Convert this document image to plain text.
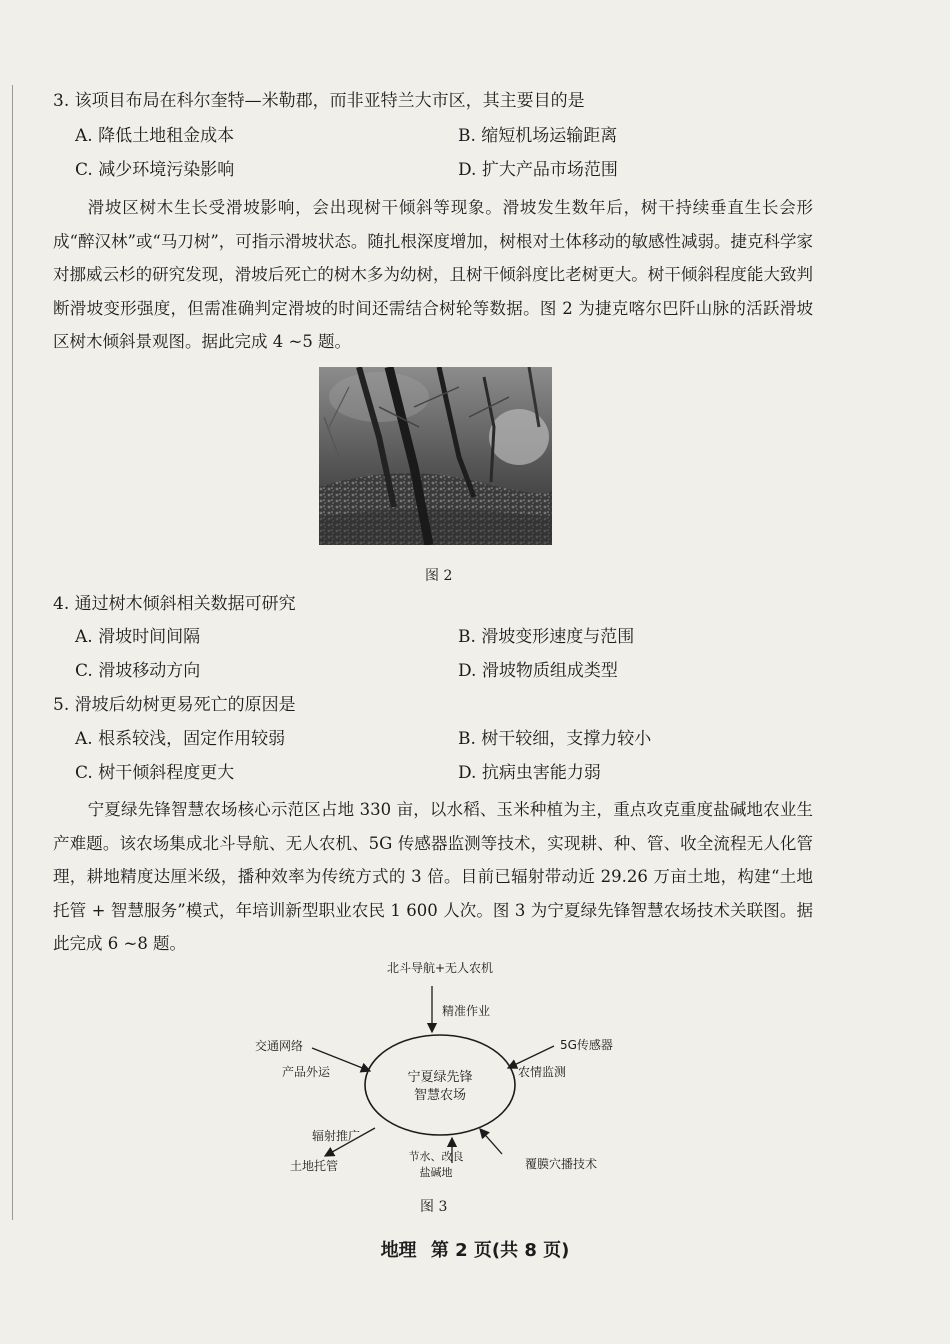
3. 该项目布局在科尔奎特—米勒郡，而非亚特兰大市区，其主要目的是
A. 降低土地租金成本	B. 缩短机场运输距离
C. 减少环境污染影响	D. 扩大产品市场范围

滑坡区树木生长受滑坡影响，会出现树干倾斜等现象。滑坡发生数年后，树干持续垂直生长会形成“醉汉林”或“马刀树”，可指示滑坡状态。随扎根深度增加，树根对土体移动的敏感性减弱。捷克科学家对挪威云杉的研究发现，滑坡后死亡的树木多为幼树，且树干倾斜度比老树更大。树干倾斜程度能大致判断滑坡变形强度，但需准确判定滑坡的时间还需结合树轮等数据。图 2 为捷克喀尔巴阡山脉的活跃滑坡区树木倾斜景观图。据此完成 4 ~5 题。

图 2
4. 通过树木倾斜相关数据可研究
A. 滑坡时间间隔	B. 滑坡变形速度与范围
C. 滑坡移动方向	D. 滑坡物质组成类型
5. 滑坡后幼树更易死亡的原因是
A. 根系较浅，固定作用较弱	B. 树干较细，支撑力较小
C. 树干倾斜程度更大	D. 抗病虫害能力弱

宁夏绿先锋智慧农场核心示范区占地 330 亩，以水稻、玉米种植为主，重点攻克重度盐碱地农业生产难题。该农场集成北斗导航、无人农机、5G 传感器监测等技术，实现耕、种、管、收全流程无人化管理，耕地精度达厘米级，播种效率为传统方式的 3 倍。目前已辐射带动近 29.26 万亩土地，构建“土地托管 + 智慧服务”模式，年培训新型职业农民 1 600 人次。图 3 为宁夏绿先锋智慧农场技术关联图。据此完成 6 ~8 题。

宁夏绿先锋
智慧农场
北斗导航+无人农机
精准作业
交通网络
产品外运
5G传感器
农情监测
辐射推广
土地托管
节水、改良
盐碱地
覆膜穴播技术
图 3
地理 第 2 页(共 8 页)
